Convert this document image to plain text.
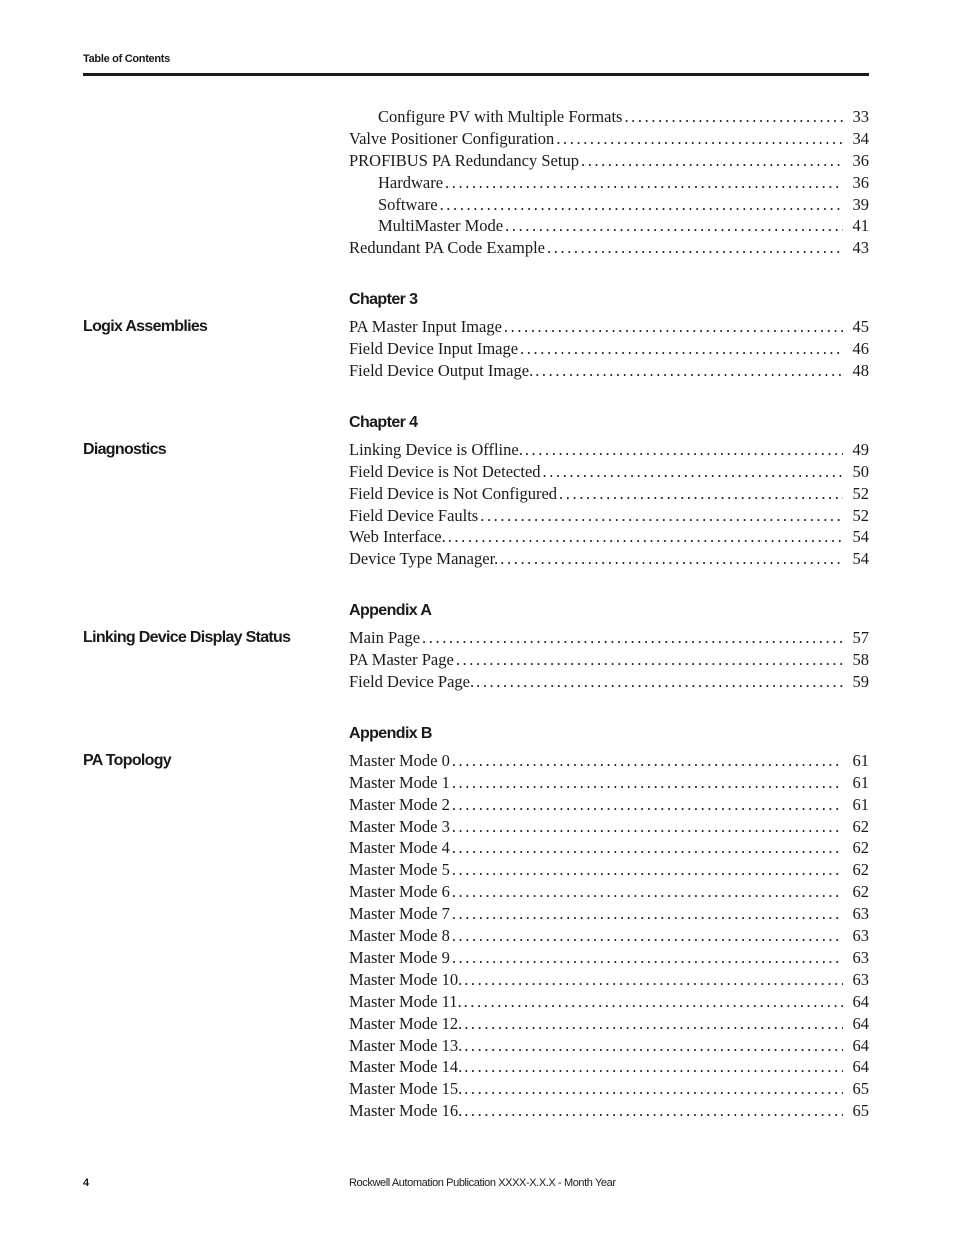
Table of Contents
Configure PV with Multiple Formats .....	33
Valve Positioner Configuration .....	34
PROFIBUS PA Redundancy Setup .....	36
Hardware .....	36
Software .....	39
MultiMaster Mode .....	41
Redundant PA Code Example .....	43
Chapter 3
Logix Assemblies	PA Master Input Image .....	45
Field Device Input Image .....	46
Field Device Output Image. .....	48
Chapter 4
Diagnostics	Linking Device is Offline. .....	49
Field Device is Not Detected .....	50
Field Device is Not Configured .....	52
Field Device Faults .....	52
Web Interface. .....	54
Device Type Manager. .....	54
Appendix A
Linking Device Display Status	Main Page .....	57
PA Master Page .....	58
Field Device Page. .....	59
Appendix B
PA Topology	Master Mode 0 .....	61
Master Mode 1 .....	61
Master Mode 2 .....	61
Master Mode 3 .....	62
Master Mode 4 .....	62
Master Mode 5 .....	62
Master Mode 6 .....	62
Master Mode 7 .....	63
Master Mode 8 .....	63
Master Mode 9 .....	63
Master Mode 10. .....	63
Master Mode 11. .....	64
Master Mode 12. .....	64
Master Mode 13. .....	64
Master Mode 14. .....	64
Master Mode 15. .....	65
Master Mode 16. .....	65
4	Rockwell Automation Publication XXXX-X.X.X - Month Year
